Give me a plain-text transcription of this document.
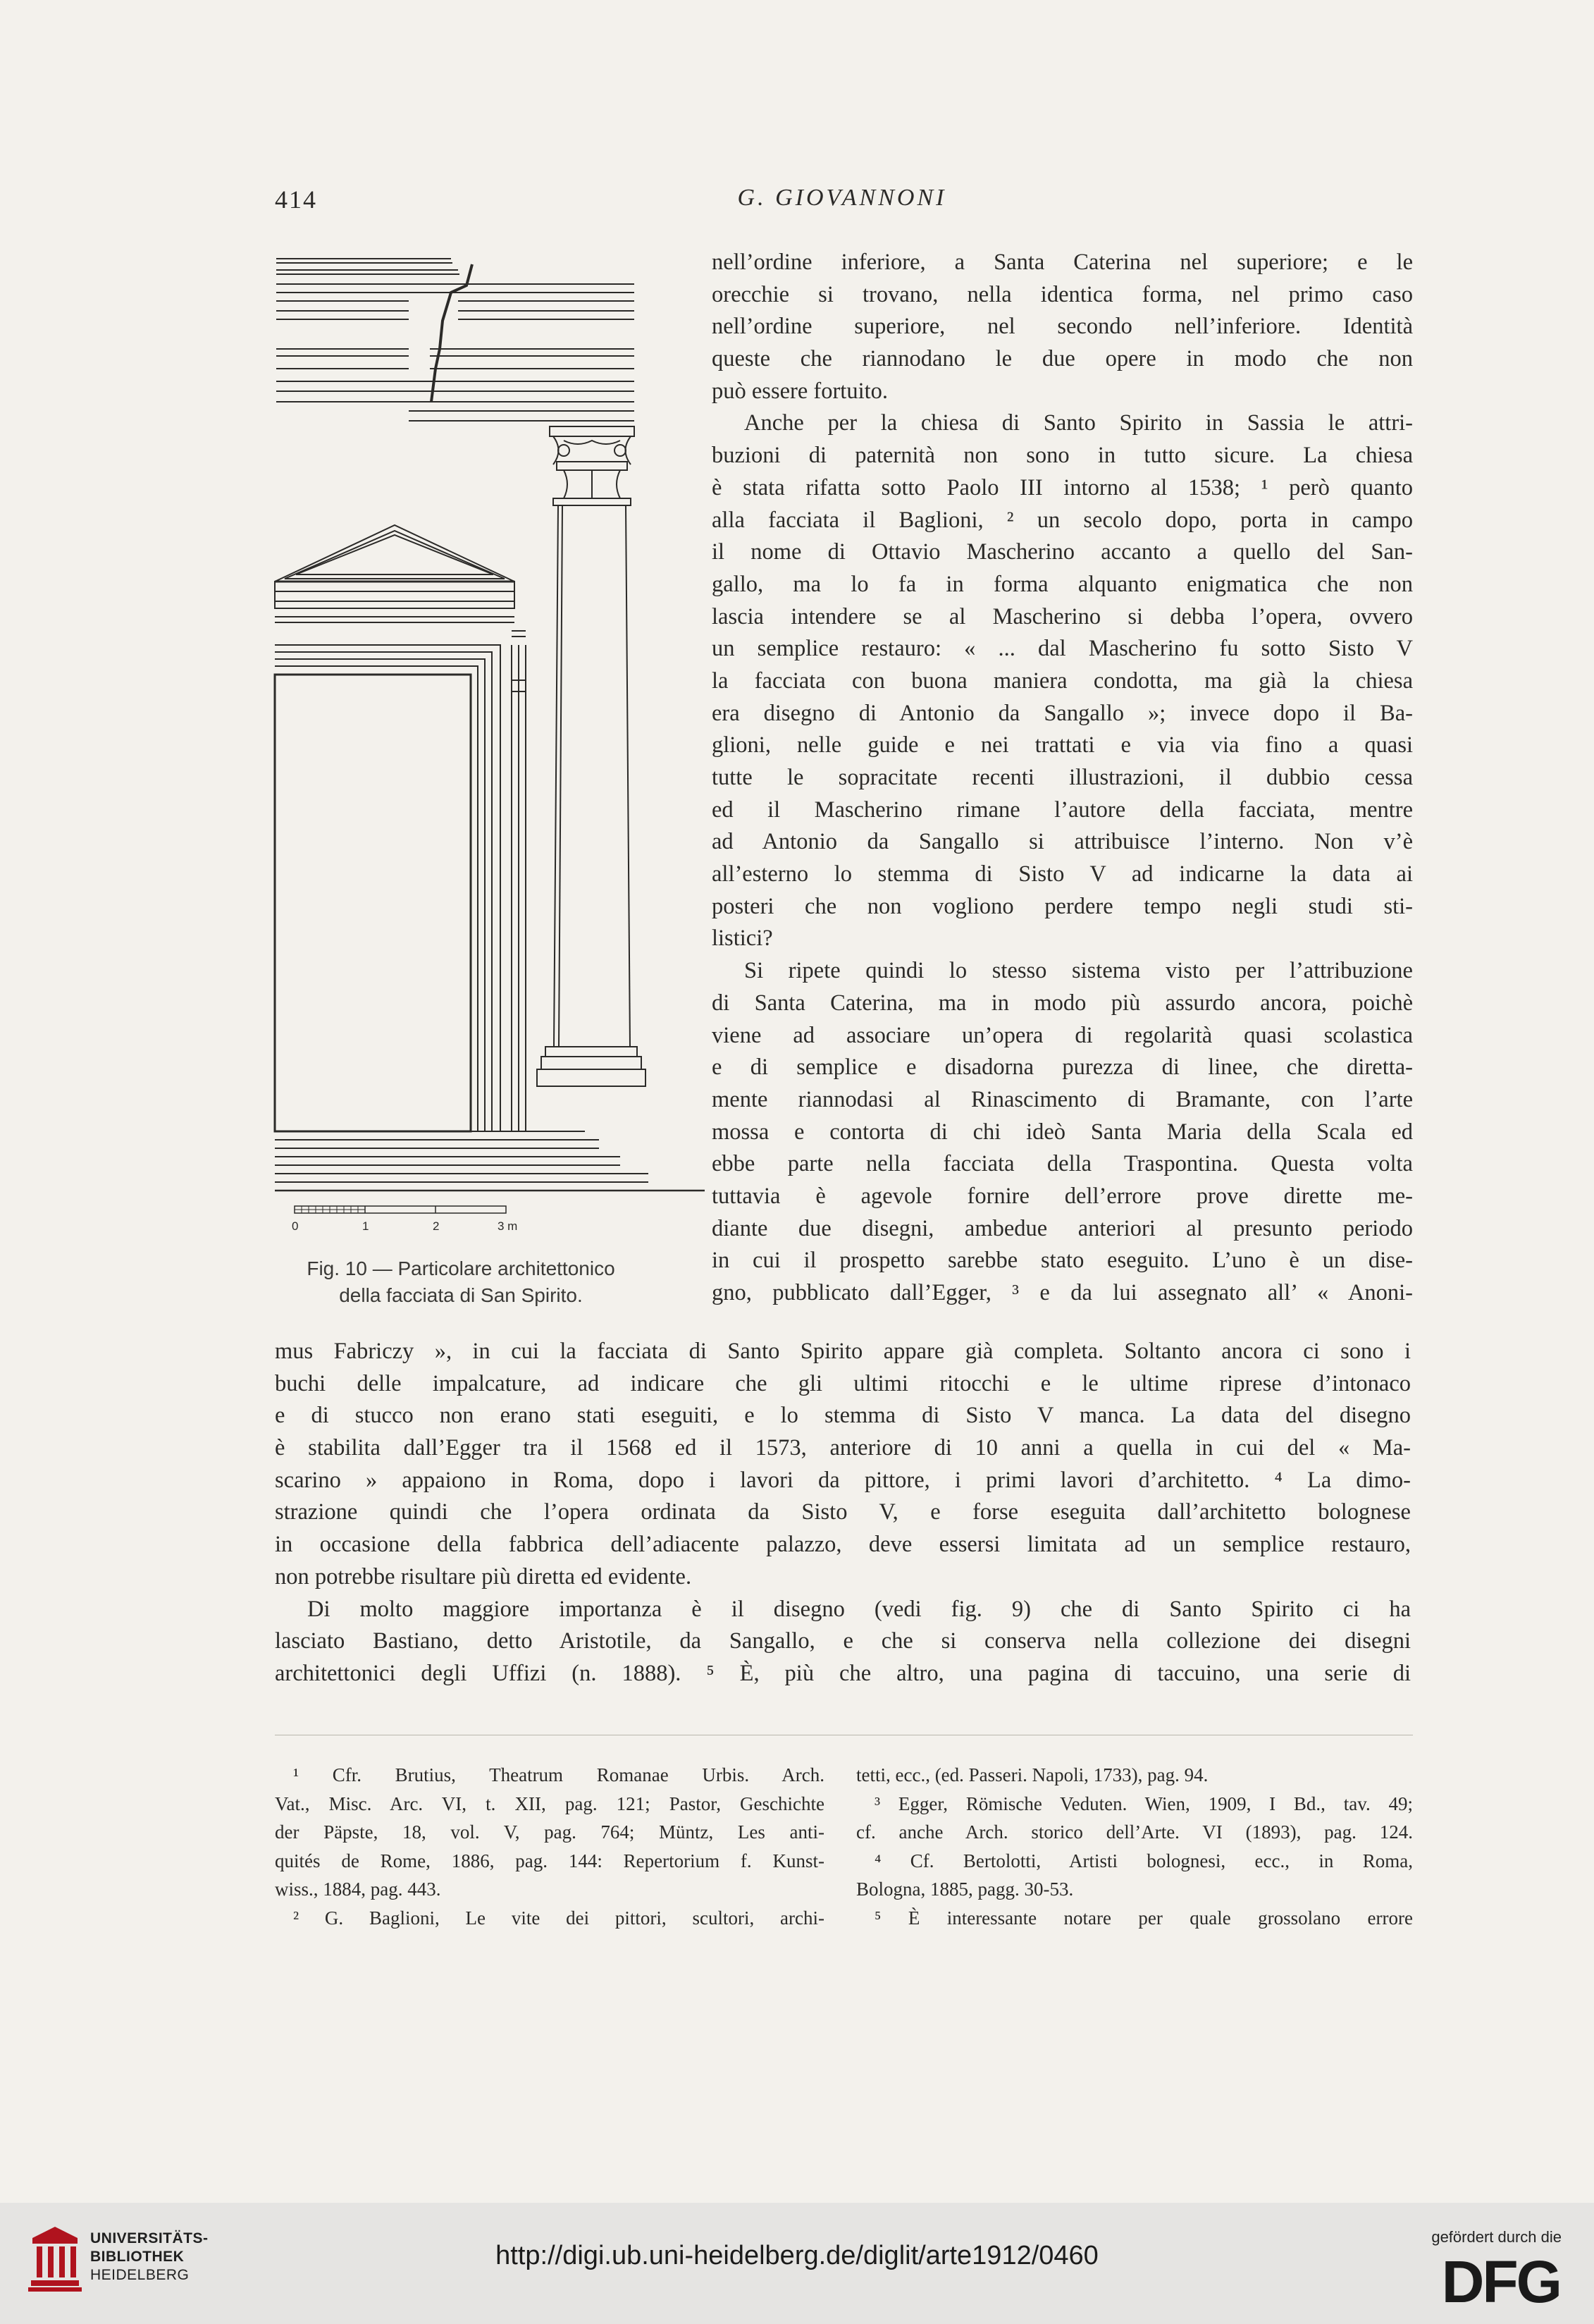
414	G. GIOVANNONI
0	1	2	3 m
Fig. 10 — Particolare architettonico
della facciata di San Spirito.
nell’ordine inferiore, a Santa Caterina nel superiore; e le
orecchie si trovano, nella identica forma, nel primo caso
nell’ordine superiore, nel secondo nell’inferiore. Identità
queste che riannodano le due opere in modo che non
può essere fortuito.
Anche per la chiesa di Santo Spirito in Sassia le attri-
buzioni di paternità non sono in tutto sicure. La chiesa
è stata rifatta sotto Paolo III intorno al 1538; ¹ però quanto
alla facciata il Baglioni, ² un secolo dopo, porta in campo
il nome di Ottavio Mascherino accanto a quello del San-
gallo, ma lo fa in forma alquanto enigmatica che non
lascia intendere se al Mascherino si debba l’opera, ovvero
un semplice restauro: « ... dal Mascherino fu sotto Sisto V
la facciata con buona maniera condotta, ma già la chiesa
era disegno di Antonio da Sangallo »; invece dopo il Ba-
glioni, nelle guide e nei trattati e via via fino a quasi
tutte le sopracitate recenti illustrazioni, il dubbio cessa
ed il Mascherino rimane l’autore della facciata, mentre
ad Antonio da Sangallo si attribuisce l’interno. Non v’è
all’esterno lo stemma di Sisto V ad indicarne la data ai
posteri che non vogliono perdere tempo negli studi sti-
listici?
Si ripete quindi lo stesso sistema visto per l’attribuzione
di Santa Caterina, ma in modo più assurdo ancora, poichè
viene ad associare un’opera di regolarità quasi scolastica
e di semplice e disadorna purezza di linee, che diretta-
mente riannodasi al Rinascimento di Bramante, con l’arte
mossa e contorta di chi ideò Santa Maria della Scala ed
ebbe parte nella facciata della Traspontina. Questa volta
tuttavia è agevole fornire dell’errore prove dirette me-
diante due disegni, ambedue anteriori al presunto periodo
in cui il prospetto sarebbe stato eseguito. L’uno è un dise-
gno, pubblicato dall’Egger, ³ e da lui assegnato all’ « Anoni-
mus Fabriczy », in cui la facciata di Santo Spirito appare già completa. Soltanto ancora ci sono i
buchi delle impalcature, ad indicare che gli ultimi ritocchi e le ultime riprese d’intonaco
e di stucco non erano stati eseguiti, e lo stemma di Sisto V manca. La data del disegno
è stabilita dall’Egger tra il 1568 ed il 1573, anteriore di 10 anni a quella in cui del « Ma-
scarino » appaiono in Roma, dopo i lavori da pittore, i primi lavori d’architetto. ⁴ La dimo-
strazione quindi che l’opera ordinata da Sisto V, e forse eseguita dall’architetto bolognese
in occasione della fabbrica dell’adiacente palazzo, deve essersi limitata ad un semplice restauro,
non potrebbe risultare più diretta ed evidente.
Di molto maggiore importanza è il disegno (vedi fig. 9) che di Santo Spirito ci ha
lasciato Bastiano, detto Aristotile, da Sangallo, e che si conserva nella collezione dei disegni
architettonici degli Uffizi (n. 1888). ⁵ È, più che altro, una pagina di taccuino, una serie di
¹ Cfr. Brutius, Theatrum Romanae Urbis. Arch.
Vat., Misc. Arc. VI, t. XII, pag. 121; Pastor, Geschichte
der Päpste, 18, vol. V, pag. 764; Müntz, Les anti-
quités de Rome, 1886, pag. 144: Repertorium f. Kunst-
wiss., 1884, pag. 443.
² G. Baglioni, Le vite dei pittori, scultori, archi-
tetti, ecc., (ed. Passeri. Napoli, 1733), pag. 94.
³ Egger, Römische Veduten. Wien, 1909, I Bd., tav. 49;
cf. anche Arch. storico dell’Arte. VI (1893), pag. 124.
⁴ Cf. Bertolotti, Artisti bolognesi, ecc., in Roma,
Bologna, 1885, pagg. 30-53.
⁵ È interessante notare per quale grossolano errore
UNIVERSITÄTS-
BIBLIOTHEK
HEIDELBERG
http://digi.ub.uni-heidelberg.de/diglit/arte1912/0460
gefördert durch die
DFG
